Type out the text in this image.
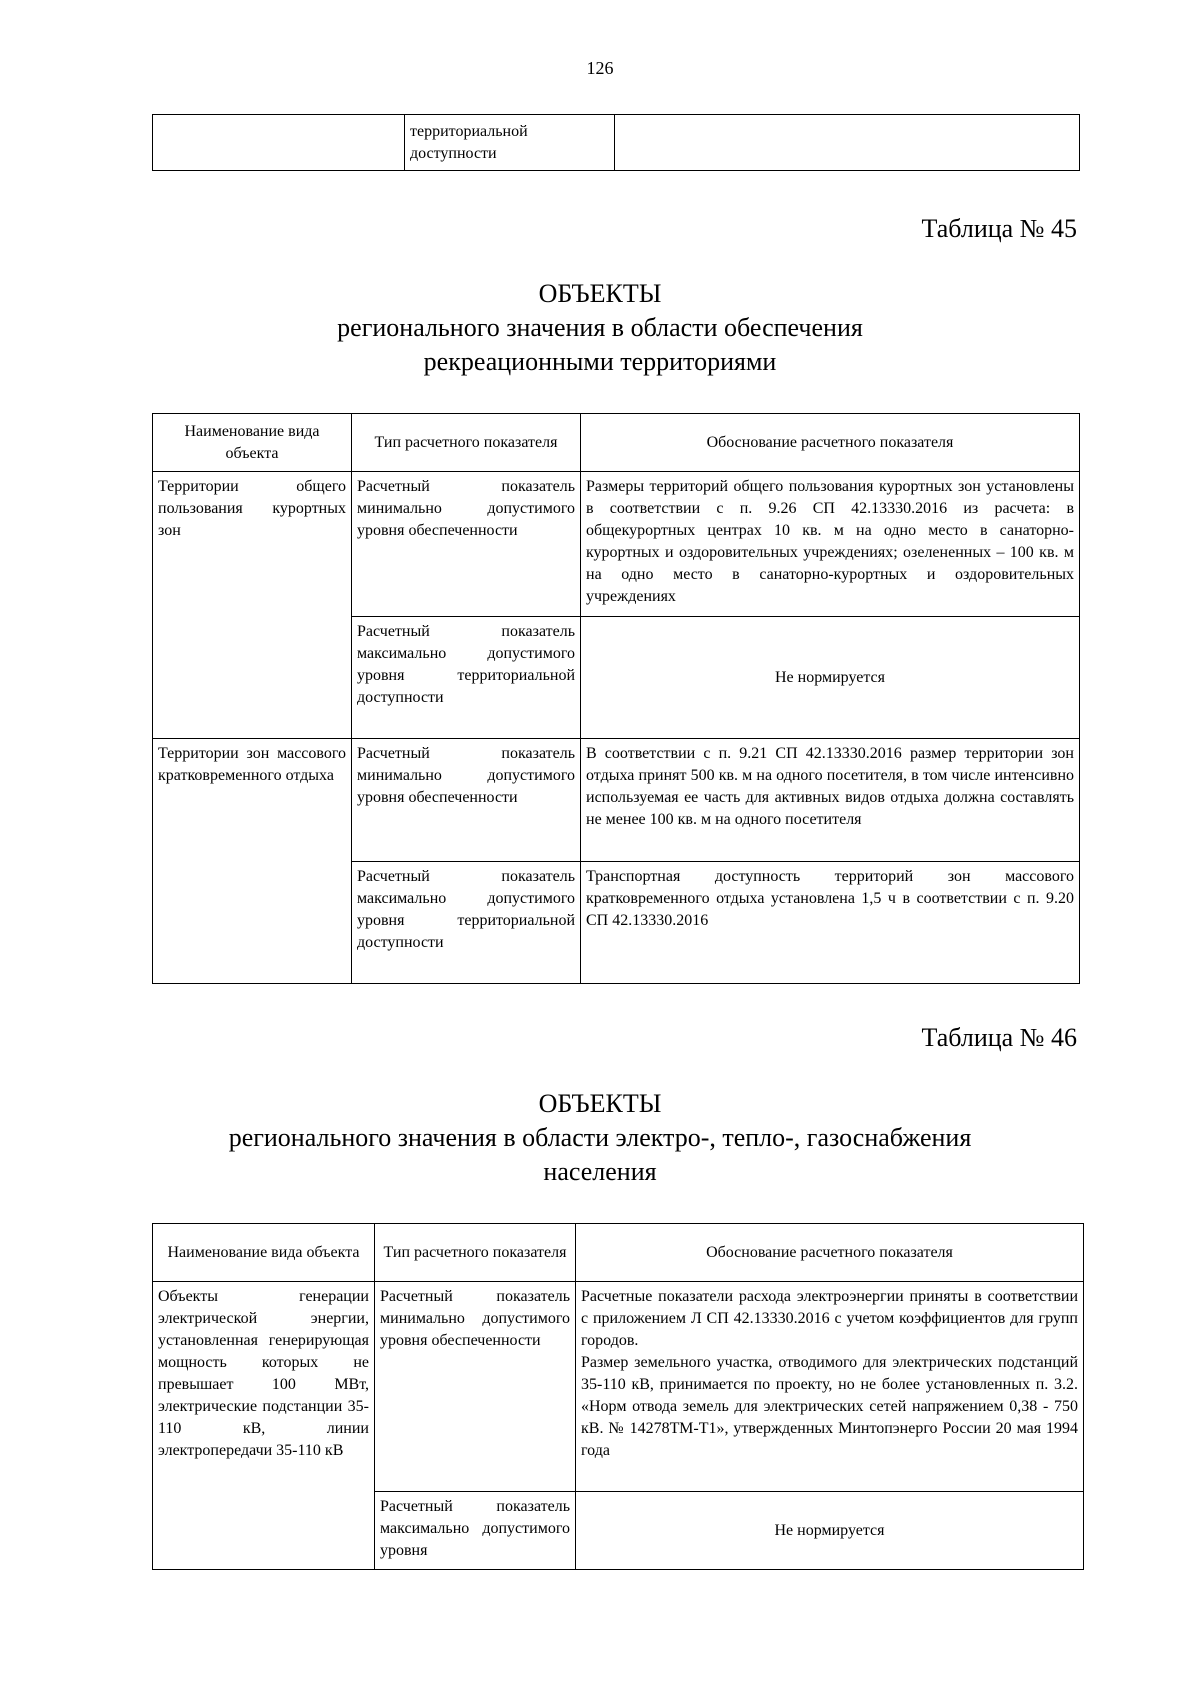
126
	территориальной доступности	
Таблица № 45
ОБЪЕКТЫ
регионального значения в области обеспечения
рекреационными территориями
Наименование вида объекта	Тип расчетного показателя	Обоснование расчетного показателя
Территории общего пользования курортных зон	Расчетный показатель минимально допустимого уровня обеспеченности	Размеры территорий общего пользования курортных зон установлены в соответствии с п. 9.26 СП 42.13330.2016 из расчета: в общекурортных центрах 10 кв. м на одно место в санаторно-курортных и оздоровительных учреждениях; озелененных – 100 кв. м на одно место в санаторно-курортных и оздоровительных учреждениях
	Расчетный показатель максимально допустимого уровня территориальной доступности	Не нормируется
Территории зон массового кратковременного отдыха	Расчетный показатель минимально допустимого уровня обеспеченности	В соответствии с п. 9.21 СП 42.13330.2016 размер территории зон отдыха принят 500 кв. м на одного посетителя, в том числе интенсивно используемая ее часть для активных видов отдыха должна составлять не менее 100 кв. м на одного посетителя
	Расчетный показатель максимально допустимого уровня территориальной доступности	Транспортная доступность территорий зон массового кратковременного отдыха установлена 1,5 ч в соответствии с п. 9.20 СП 42.13330.2016
Таблица № 46
ОБЪЕКТЫ
регионального значения в области электро-, тепло-, газоснабжения
населения
Наименование вида объекта	Тип расчетного показателя	Обоснование расчетного показателя
Объекты генерации электрической энергии, установленная генерирующая мощность которых не превышает 100 МВт, электрические подстанции 35-110 кВ, линии электропередачи 35-110 кВ	Расчетный показатель минимально допустимого уровня обеспеченности	Расчетные показатели расхода электроэнергии приняты в соответствии с приложением Л СП 42.13330.2016 с учетом коэффициентов для групп городов.
Размер земельного участка, отводимого для электрических подстанций 35-110 кВ, принимается по проекту, но не более установленных п. 3.2. «Норм отвода земель для электрических сетей напряжением 0,38 - 750 кВ. № 14278ТМ-Т1», утвержденных Минтопэнерго России 20 мая 1994 года

	Расчетный показатель максимально допустимого уровня	Не нормируется
